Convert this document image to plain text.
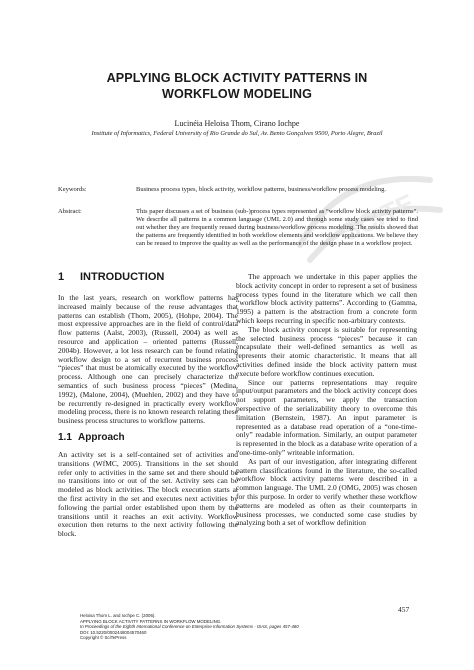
SCITE
APPLYING BLOCK ACTIVITY PATTERNS IN
WORKFLOW MODELING
Lucinéia Heloisa Thom, Cirano Iochpe
Institute of Informatics, Federal University of Rio Grande do Sul, Av. Bento Gonçalves 9500, Porto Alegre, Brazil
Keywords:	Business process types, block activity, workflow patterns, business/workflow process modeling.
Abstract:	This paper discusses a set of business (sub-)process types represented as “workflow block activity patterns”. We describe all patterns in a common language (UML 2.0) and through some study cases we tried to find out whether they are frequently reused during business/workflow process modeling. The results showed that the patterns are frequently identified in both workflow elements and workflow applications. We believe they can be reused to improve the quality as well as the performance of the design phase in a workflow project.
1 INTRODUCTION

In the last years, research on workflow patterns has increased mainly because of the reuse advantages that patterns can establish (Thom, 2005), (Hohpe, 2004). The most expressive approaches are in the field of control/data flow patterns (Aalst, 2003), (Russell, 2004) as well as resource and application – oriented patterns (Russell, 2004b). However, a lot less research can be found relating workflow design to a set of recurrent business process “pieces” that must be atomically executed by the workflow process. Although one can precisely characterize the semantics of such business process “pieces” (Medina, 1992), (Malone, 2004), (Muehlen, 2002) and they have to be recurrently re-designed in practically every workflow modeling process, there is no known research relating these business process structures to workflow patterns.

1.1 Approach

An activity set is a self-contained set of activities and transitions (WfMC, 2005). Transitions in the set should refer only to activities in the same set and there should be no transitions into or out of the set. Activity sets can be modeled as block activities. The block execution starts at the first activity in the set and executes next activities by following the partial order established upon them by the transitions until it reaches an exit activity. Workflow execution then returns to the next activity following the block.

The approach we undertake in this paper applies the block activity concept in order to represent a set of business process types found in the literature which we call then “workflow block activity patterns”. According to (Gamma, 1995) a pattern is the abstraction from a concrete form which keeps recurring in specific non-arbitrary contexts.

The block activity concept is suitable for representing the selected business process “pieces” because it can encapsulate their well-defined semantics as well as represents their atomic characteristic. It means that all activities defined inside the block activity pattern must execute before workflow continues execution.

Since our patterns representations may require input/output parameters and the block activity concept does not support parameters, we apply the transaction perspective of the serializability theory to overcome this limitation (Bernstein, 1987). An input parameter is represented as a database read operation of a “one-time-only” readable information. Similarly, an output parameter is represented in the block as a database write operation of a “one-time-only” writeable information.

As part of our investigation, after integrating different pattern classifications found in the literature, the so-called workflow block activity patterns were described in a common language. The UML 2.0 (OMG, 2005) was chosen for this purpose. In order to verify whether these workflow patterns are modeled as often as their counterparts in business processes, we conducted some case studies by analyzing both a set of workflow definition

457
Heloisa Thom L. and Iochpe C. (2006).
APPLYING BLOCK ACTIVITY PATTERNS IN WORKFLOW MODELING.
In Proceedings of the Eighth International Conference on Enterprise Information Systems - ISAS, pages 457-460
DOI: 10.5220/0002448004570460
Copyright © SciTePress
